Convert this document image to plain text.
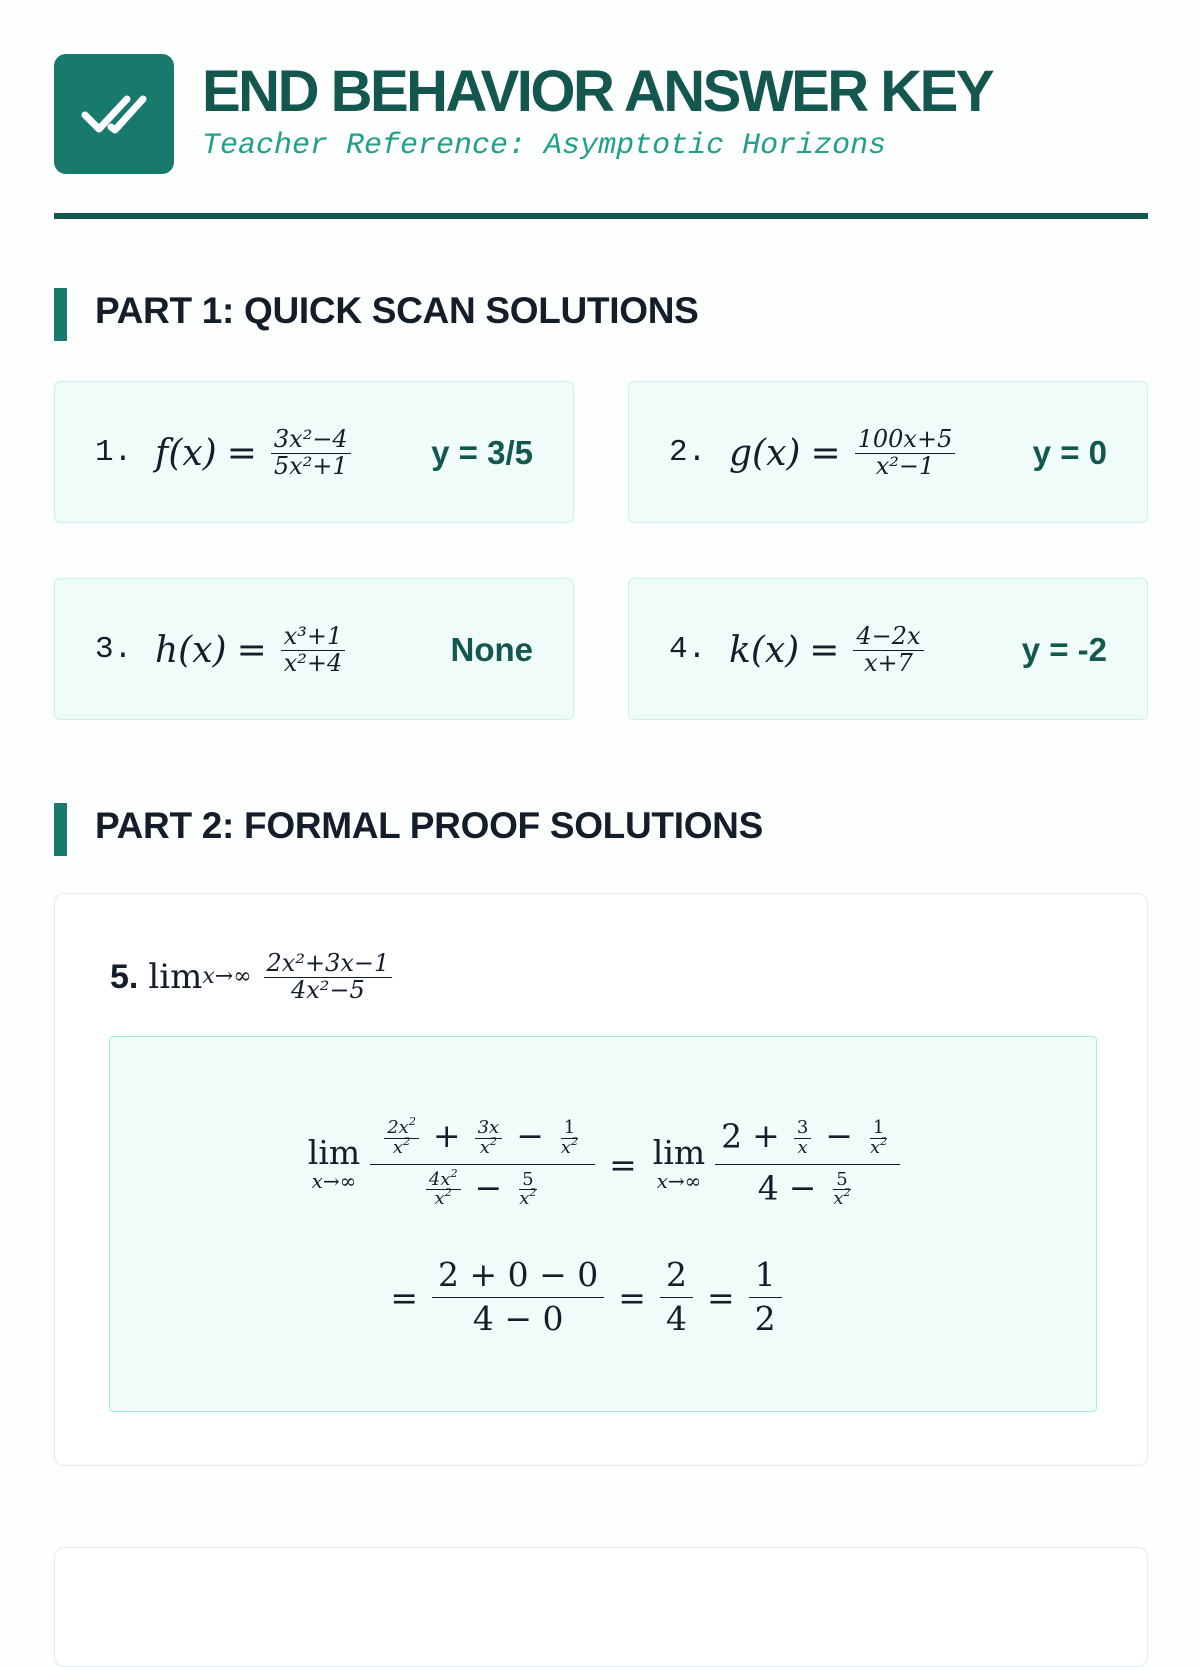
END BEHAVIOR ANSWER KEY
Teacher Reference: Asymptotic Horizons
PART 1: QUICK SCAN SOLUTIONS
1. $f(x) = \frac{\text{3x²−4}}{\text{5x²+1}}$ y = 3/5	2. $g(x) = \frac{100x+5}{\text{x²−1}}$ y = 0
3. $h(x) = \frac{\text{x³+1}}{\text{x²+4}}$	None	4. $k(x) = \frac{4-2x}{x+7}$	y = -2
PART 2: FORMAL PROOF SOLUTIONS
5. $\lim x\to\infty \frac{\text{2x²+3x−1}}{\text{4x²−5}}$
lim
$x\to\infty \frac{\frac{2x^2}{x^2} + \frac{3x}{x^2} - \frac{1}{x^2}}{\frac{4x^2}{x^2} - \frac{5}{x^2}} = \lim$
$x\to\infty \frac{2 + \frac{3}{x} - \frac{1}{x^2}}{4 - \frac{5}{x^2}}$
= $\frac{2 + 0 - 0}{4 - 0} = \frac{2}{4} = \frac{1}{2}$
